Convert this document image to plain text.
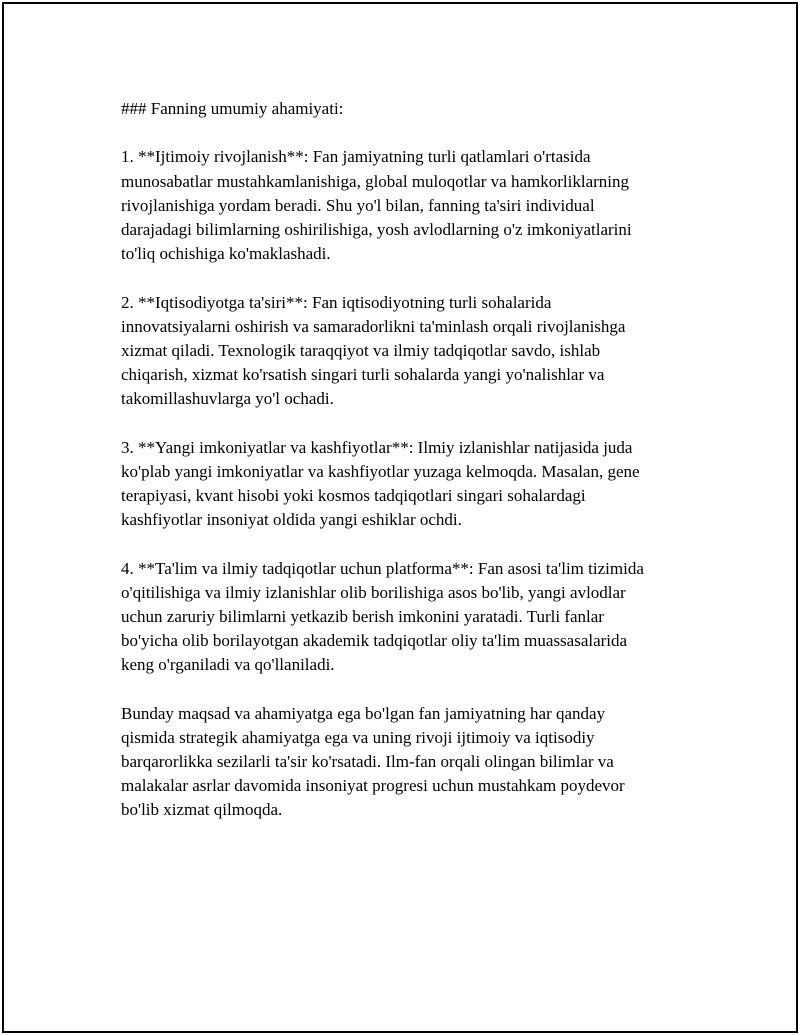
### Fanning umumiy ahamiyati:
1. **Ijtimoiy rivojlanish**: Fan jamiyatning turli qatlamlari o'rtasida
munosabatlar mustahkamlanishiga, global muloqotlar va hamkorliklarning
rivojlanishiga yordam beradi. Shu yo'l bilan, fanning ta'siri individual
darajadagi bilimlarning oshirilishiga, yosh avlodlarning o'z imkoniyatlarini
to'liq ochishiga ko'maklashadi.
2. **Iqtisodiyotga ta'siri**: Fan iqtisodiyotning turli sohalarida
innovatsiyalarni oshirish va samaradorlikni ta'minlash orqali rivojlanishga
xizmat qiladi. Texnologik taraqqiyot va ilmiy tadqiqotlar savdo, ishlab
chiqarish, xizmat ko'rsatish singari turli sohalarda yangi yo'nalishlar va
takomillashuvlarga yo'l ochadi.
3. **Yangi imkoniyatlar va kashfiyotlar**: Ilmiy izlanishlar natijasida juda
ko'plab yangi imkoniyatlar va kashfiyotlar yuzaga kelmoqda. Masalan, gene
terapiyasi, kvant hisobi yoki kosmos tadqiqotlari singari sohalardagi
kashfiyotlar insoniyat oldida yangi eshiklar ochdi.
4. **Ta'lim va ilmiy tadqiqotlar uchun platforma**: Fan asosi ta'lim tizimida
o'qitilishiga va ilmiy izlanishlar olib borilishiga asos bo'lib, yangi avlodlar
uchun zaruriy bilimlarni yetkazib berish imkonini yaratadi. Turli fanlar
bo'yicha olib borilayotgan akademik tadqiqotlar oliy ta'lim muassasalarida
keng o'rganiladi va qo'llaniladi.
Bunday maqsad va ahamiyatga ega bo'lgan fan jamiyatning har qanday
qismida strategik ahamiyatga ega va uning rivoji ijtimoiy va iqtisodiy
barqarorlikka sezilarli ta'sir ko'rsatadi. Ilm-fan orqali olingan bilimlar va
malakalar asrlar davomida insoniyat progresi uchun mustahkam poydevor
bo'lib xizmat qilmoqda.
